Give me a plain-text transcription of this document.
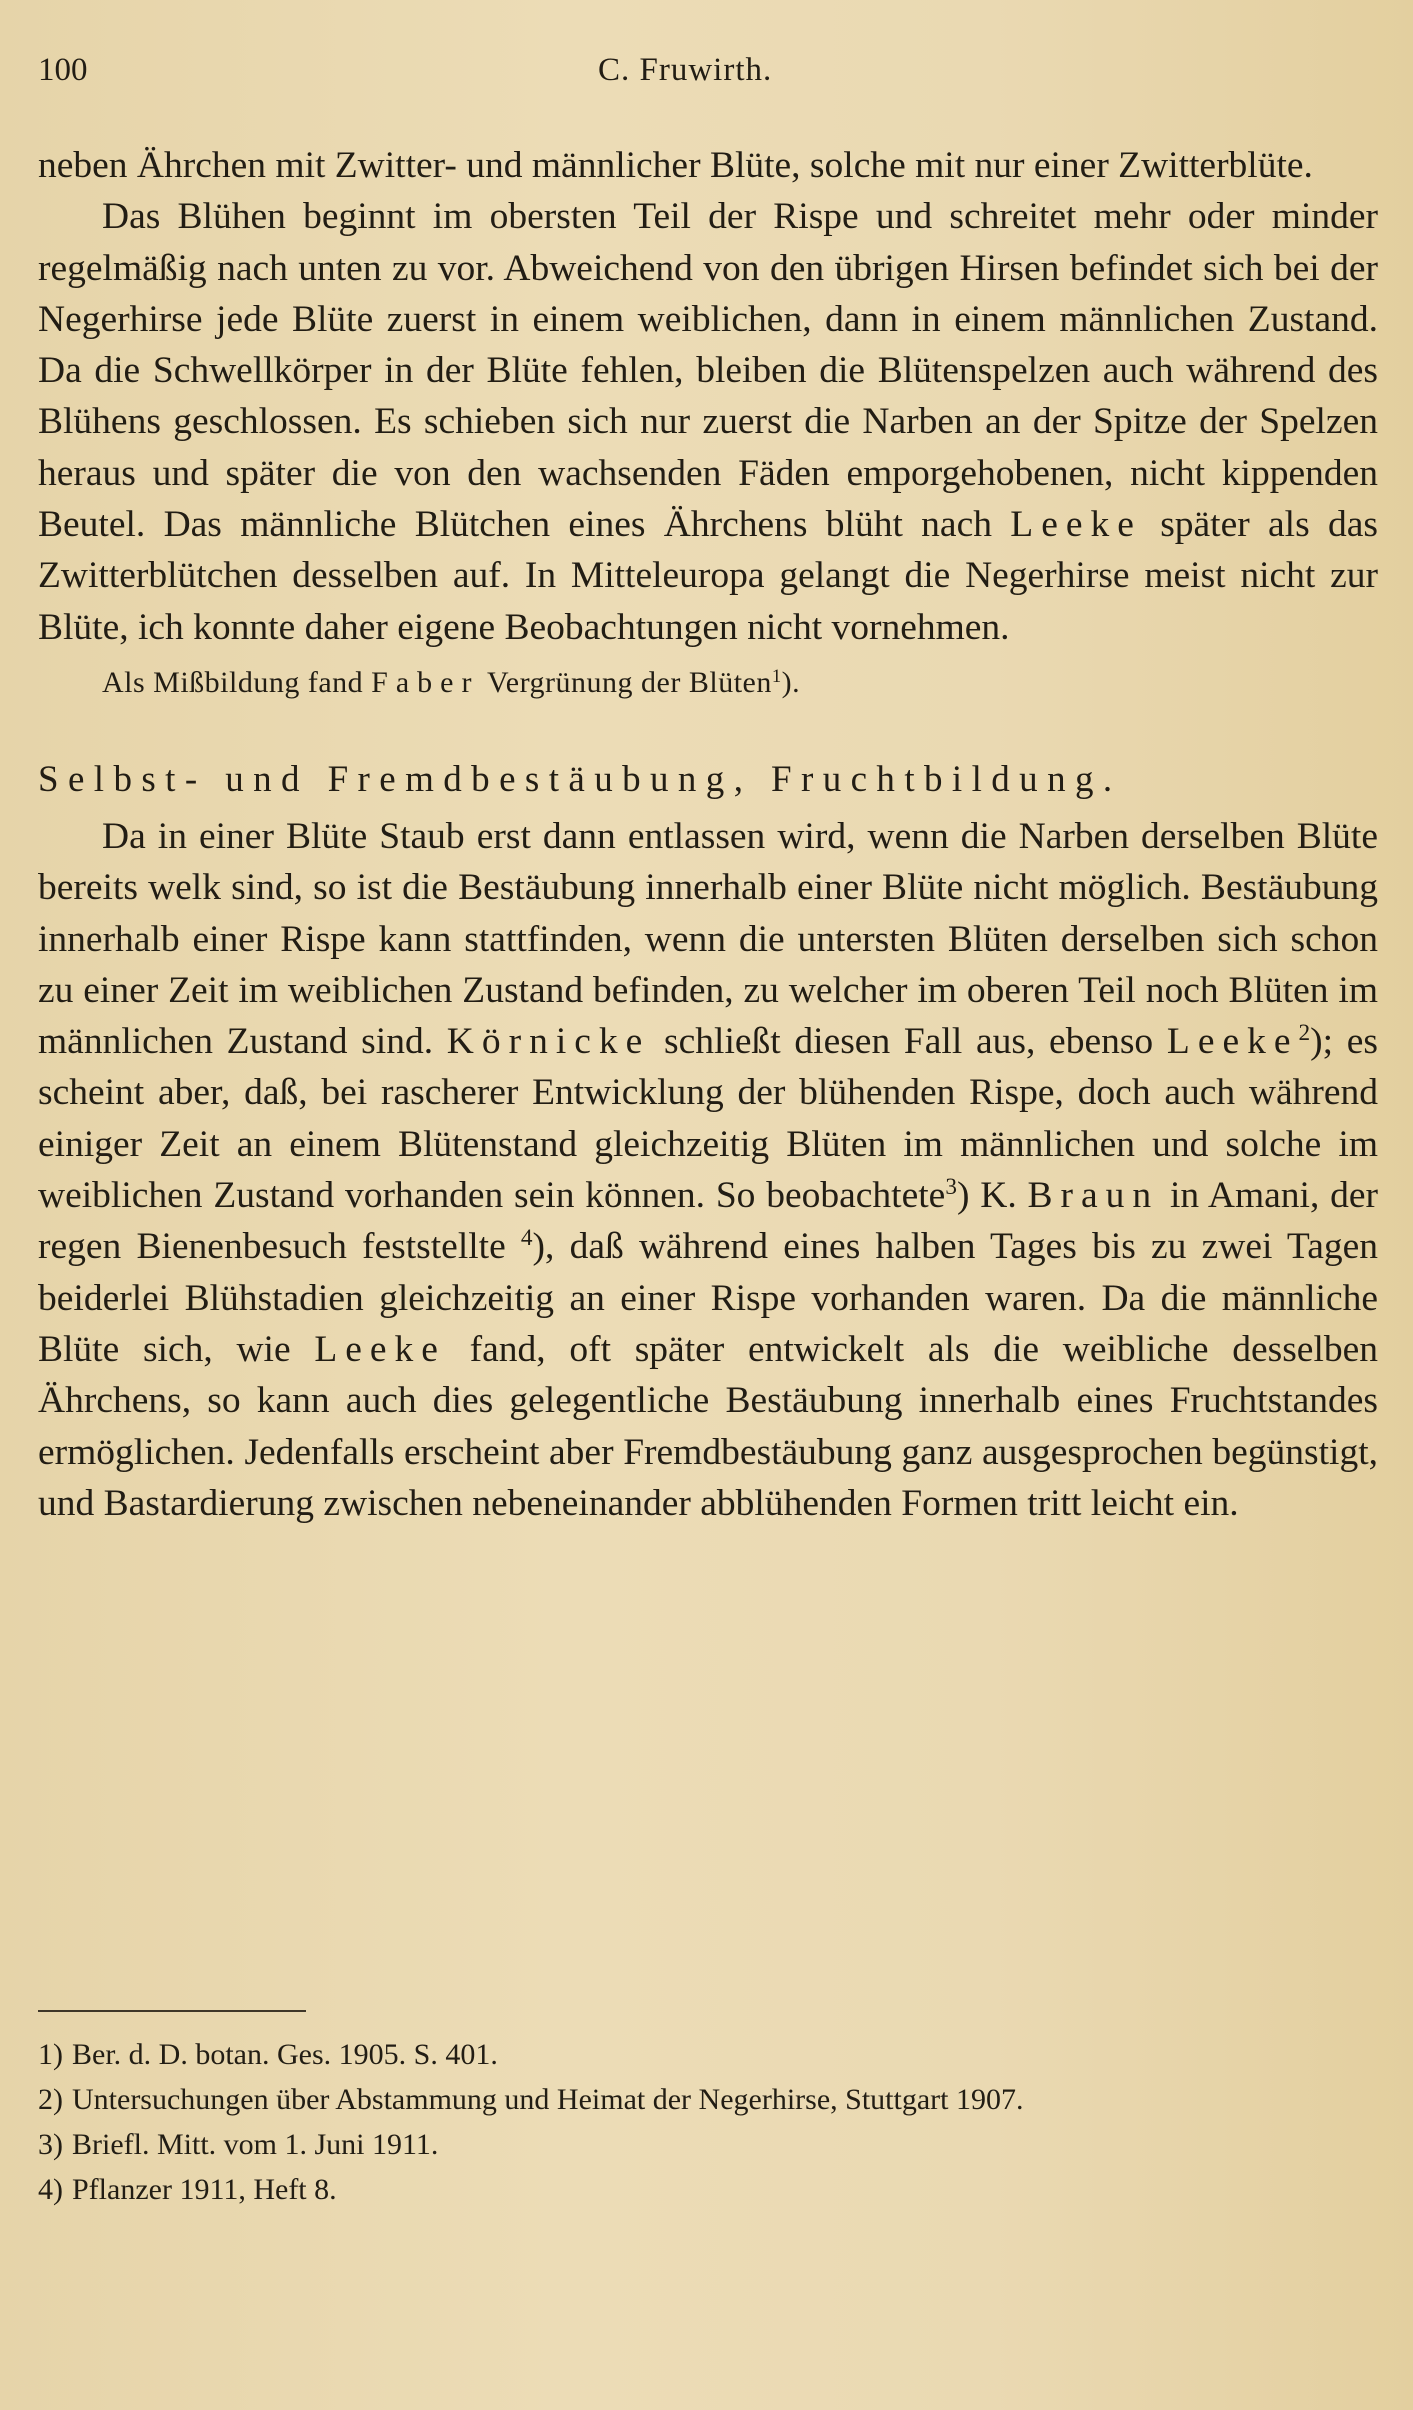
100	C. Fruwirth.

neben Ährchen mit Zwitter- und männlicher Blüte, solche mit nur einer Zwitterblüte.

Das Blühen beginnt im obersten Teil der Rispe und schreitet mehr oder minder regelmäßig nach unten zu vor. Abweichend von den übrigen Hirsen befindet sich bei der Negerhirse jede Blüte zuerst in einem weiblichen, dann in einem männlichen Zustand. Da die Schwellkörper in der Blüte fehlen, bleiben die Blütenspelzen auch während des Blühens geschlossen. Es schieben sich nur zuerst die Narben an der Spitze der Spelzen heraus und später die von den wachsenden Fäden emporgehobenen, nicht kippenden Beutel. Das männliche Blütchen eines Ährchens blüht nach Leeke später als das Zwitterblütchen desselben auf. In Mitteleuropa gelangt die Negerhirse meist nicht zur Blüte, ich konnte daher eigene Beobachtungen nicht vornehmen.

Als Mißbildung fand Faber Vergrünung der Blüten$^1$).

Selbst- und Fremdbestäubung, Fruchtbildung.

Da in einer Blüte Staub erst dann entlassen wird, wenn die Narben derselben Blüte bereits welk sind, so ist die Bestäubung innerhalb einer Blüte nicht möglich. Bestäubung innerhalb einer Rispe kann stattfinden, wenn die untersten Blüten derselben sich schon zu einer Zeit im weiblichen Zustand befinden, zu welcher im oberen Teil noch Blüten im männlichen Zustand sind. Körnicke schließt diesen Fall aus, ebenso Leeke$^2$); es scheint aber, daß, bei rascherer Entwicklung der blühenden Rispe, doch auch während einiger Zeit an einem Blütenstand gleichzeitig Blüten im männlichen und solche im weiblichen Zustand vorhanden sein können. So beobachtete$^3$) K. Braun in Amani, der regen Bienenbesuch feststellte $^4$), daß während eines halben Tages bis zu zwei Tagen beiderlei Blühstadien gleichzeitig an einer Rispe vorhanden waren. Da die männliche Blüte sich, wie Leeke fand, oft später entwickelt als die weibliche desselben Ährchens, so kann auch dies gelegentliche Bestäubung innerhalb eines Fruchtstandes ermöglichen. Jedenfalls erscheint aber Fremdbestäubung ganz ausgesprochen begünstigt, und Bastardierung zwischen nebeneinander abblühenden Formen tritt leicht ein.

1) Ber. d. D. botan. Ges. 1905. S. 401.

2) Untersuchungen über Abstammung und Heimat der Negerhirse, Stuttgart 1907.

3) Briefl. Mitt. vom 1. Juni 1911.

4) Pflanzer 1911, Heft 8.
